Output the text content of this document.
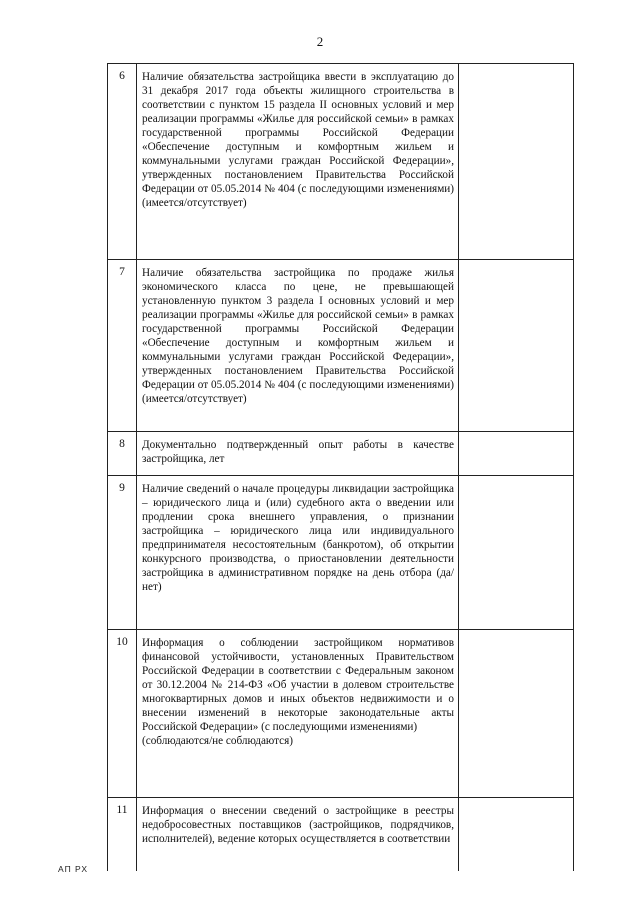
2
6	Наличие обязательства застройщика ввести в эксплуатацию до 31 декабря 2017 года объекты жилищного строительства в соответствии с пунктом 15 раздела II основных условий и мер реализации программы «Жилье для российской семьи» в рамках государственной программы Российской Федерации «Обеспечение доступным и комфортным жильем и коммунальными услугами граждан Российской Федерации», утвержденных постановлением Правительства Российской Федерации от 05.05.2014 № 404 (с последующими изменениями) (имеется/отсутствует)	

7	Наличие обязательства застройщика по продаже жилья экономического класса по цене, не превышающей установленную пунктом 3 раздела I основных условий и мер реализации программы «Жилье для российской семьи» в рамках государственной программы Российской Федерации «Обеспечение доступным и комфортным жильем и коммунальными услугами граждан Российской Федерации», утвержденных постановлением Правительства Российской Федерации от 05.05.2014 № 404 (с последующими изменениями) (имеется/отсутствует)	

8	Документально подтвержденный опыт работы в качестве застройщика, лет	

9	Наличие сведений о начале процедуры ликвидации застройщика – юридического лица и (или) судебного акта о введении или продлении срока внешнего управления, о признании застройщика – юридического лица или индивидуального предпринимателя несостоятельным (банкротом), об открытии конкурсного производства, о приостановлении деятельности застройщика в административном порядке на день отбора (да/нет)	

10	Информация о соблюдении застройщиком нормативов финансовой устойчивости, установленных Правительством Российской Федерации в соответствии с Федеральным законом от 30.12.2004 № 214-ФЗ «Об участии в долевом строительстве многоквартирных домов и иных объектов недвижимости и о внесении изменений в некоторые законодательные акты Российской Федерации» (с последующими изменениями)
(соблюдаются/не соблюдаются)	

11	Информация о внесении сведений о застройщике в реестры недобросовестных поставщиков (застройщиков, подрядчиков, исполнителей), ведение которых осуществляется в соответствии	

АП РХ
